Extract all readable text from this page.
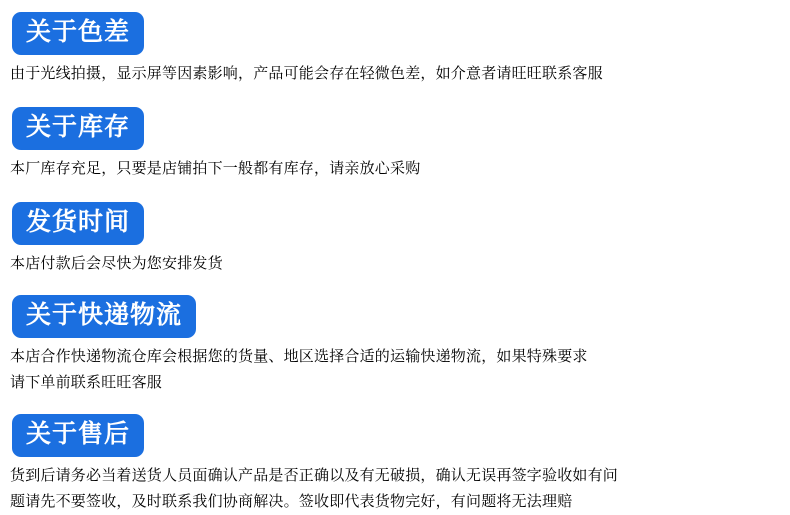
关于色差
由于光线拍摄，显示屏等因素影响，产品可能会存在轻微色差，如介意者请旺旺联系客服
关于库存
本厂库存充足，只要是店铺拍下一般都有库存，请亲放心采购
发货时间
本店付款后会尽快为您安排发货
关于快递物流
本店合作快递物流仓库会根据您的货量、地区选择合适的运输快递物流，如果特殊要求
请下单前联系旺旺客服
关于售后
货到后请务必当着送货人员面确认产品是否正确以及有无破损，确认无误再签字验收如有问
题请先不要签收，及时联系我们协商解决。签收即代表货物完好，有问题将无法理赔
